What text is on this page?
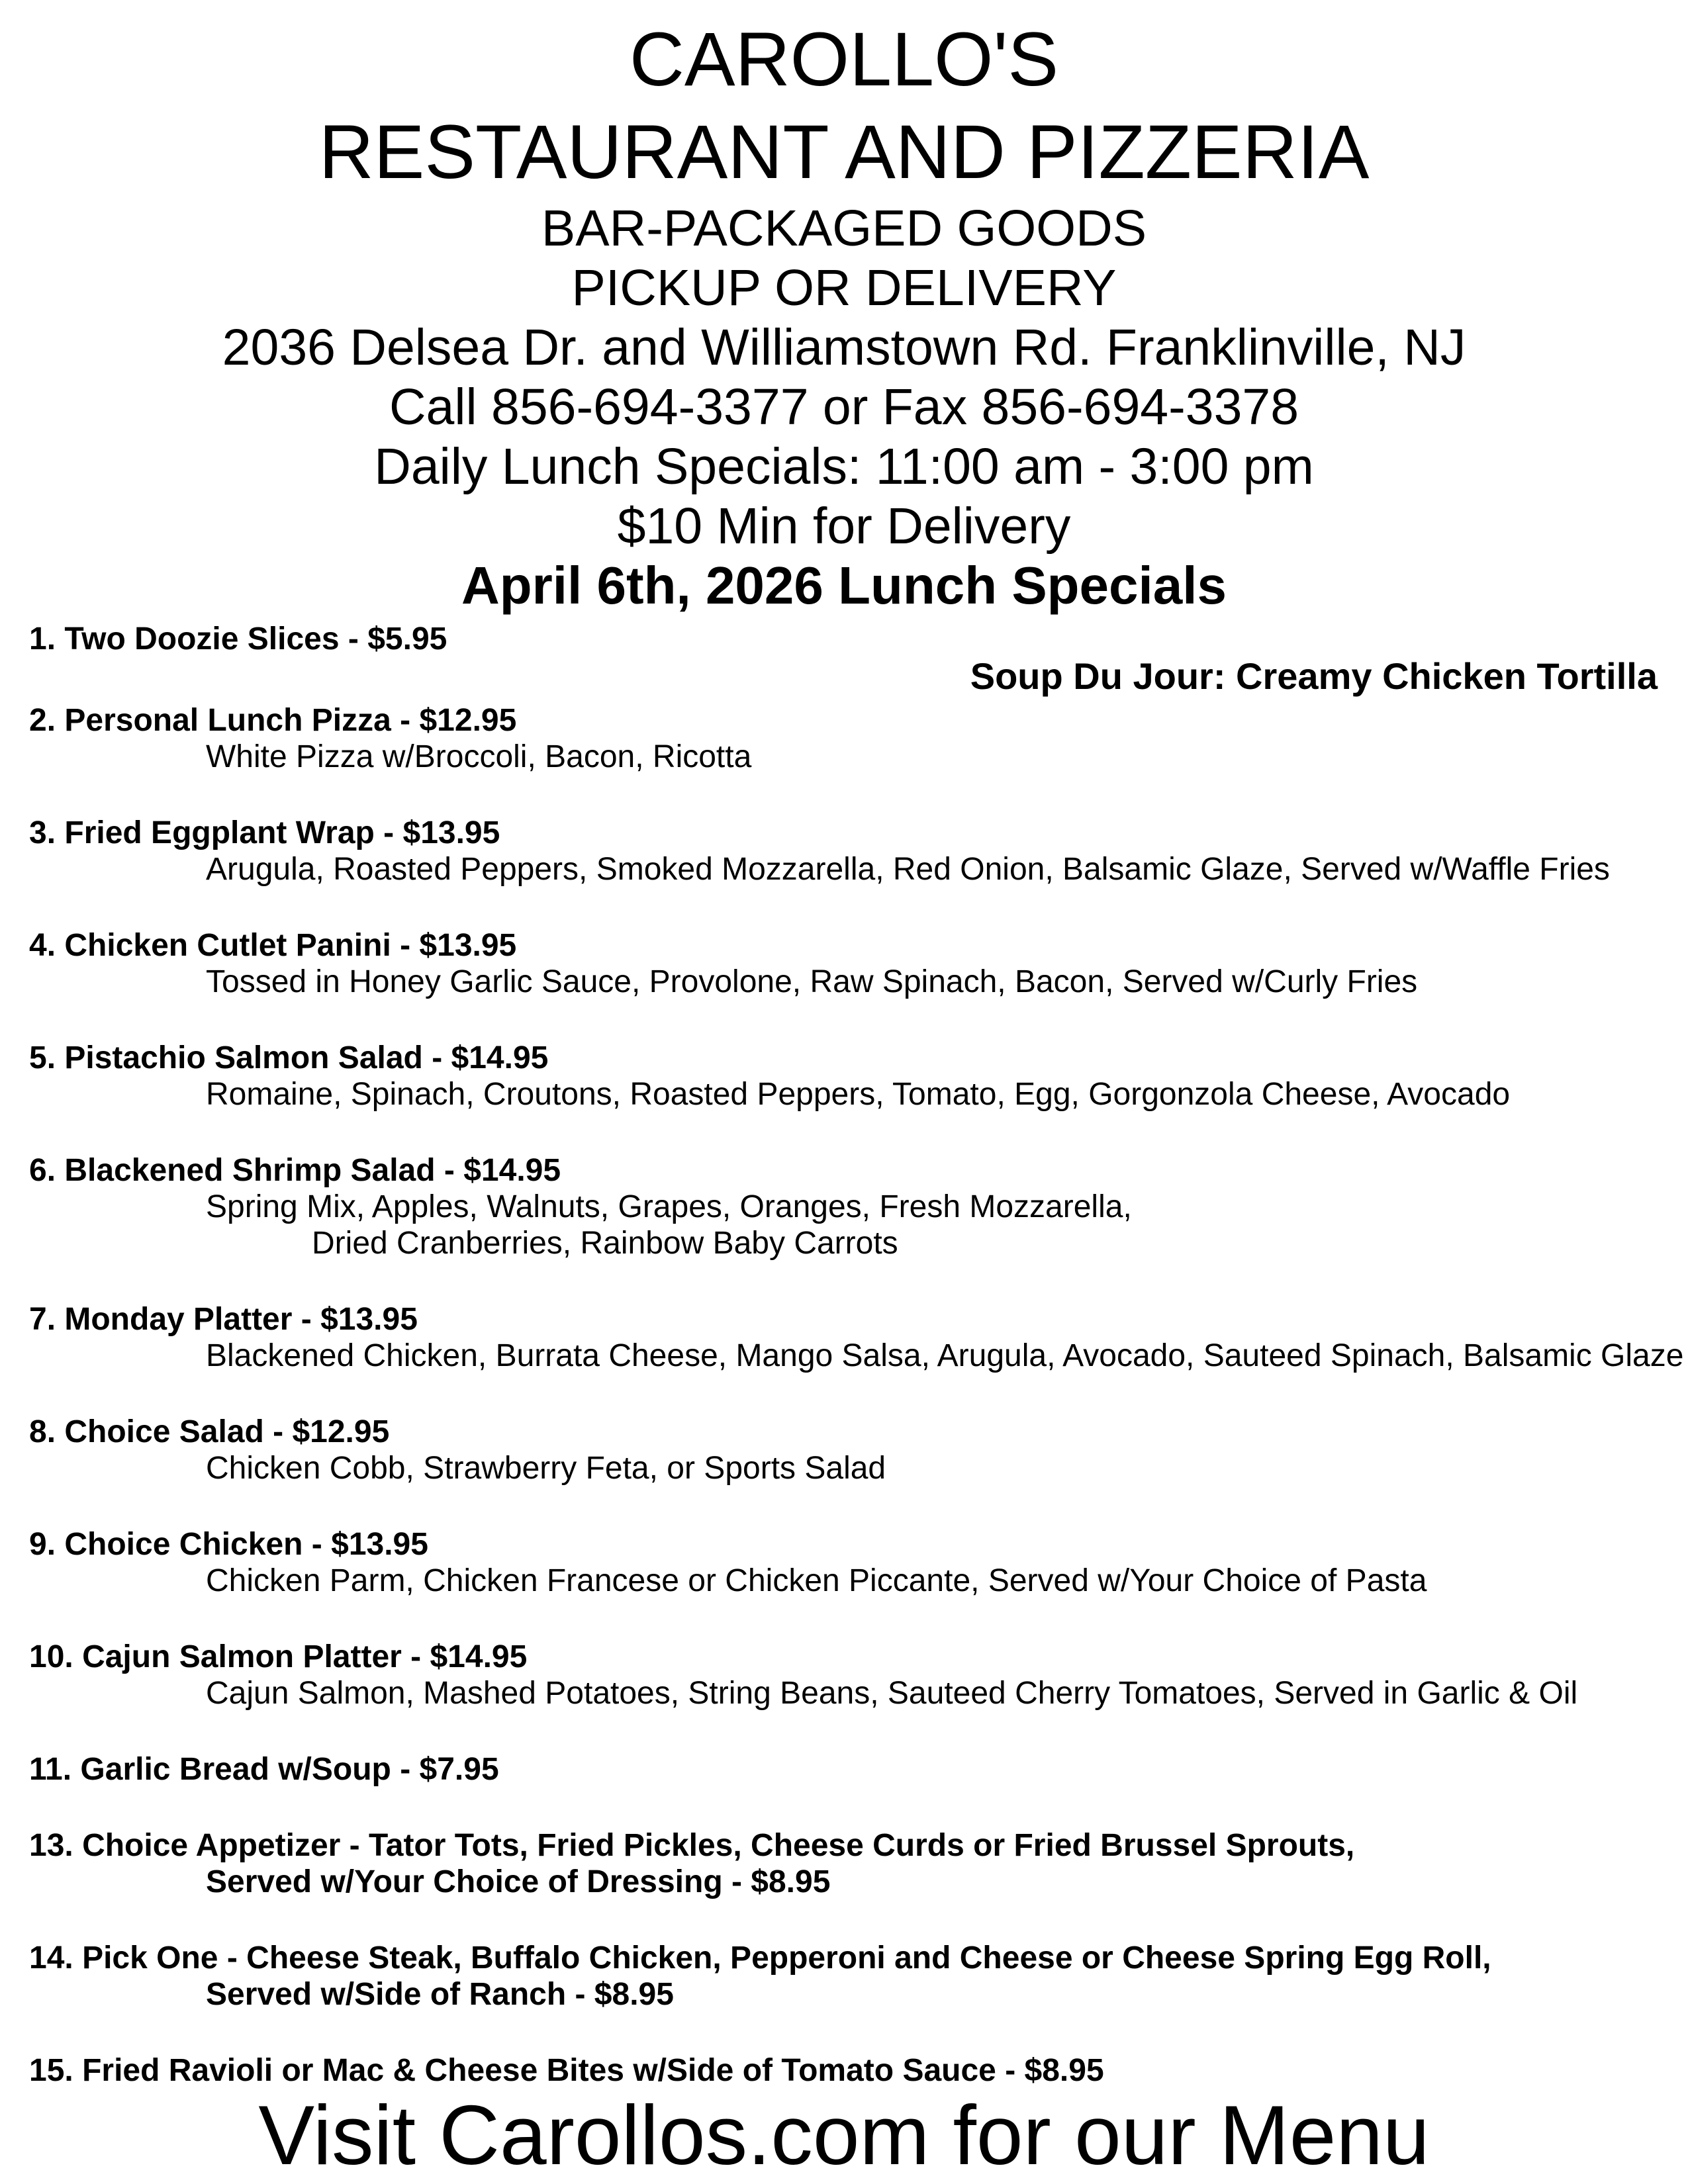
CAROLLO'S
RESTAURANT AND PIZZERIA
BAR-PACKAGED GOODS
PICKUP OR DELIVERY
2036 Delsea Dr. and Williamstown Rd. Franklinville, NJ
Call 856-694-3377 or Fax 856-694-3378
Daily Lunch Specials: 11:00 am - 3:00 pm
$10 Min for Delivery
April 6th, 2026 Lunch Specials
1. Two Doozie Slices - $5.95
Soup Du Jour: Creamy Chicken Tortilla
2. Personal Lunch Pizza - $12.95
White Pizza w/Broccoli, Bacon, Ricotta
3. Fried Eggplant Wrap - $13.95
Arugula, Roasted Peppers, Smoked Mozzarella, Red Onion, Balsamic Glaze, Served w/Waffle Fries
4. Chicken Cutlet Panini - $13.95
Tossed in Honey Garlic Sauce, Provolone, Raw Spinach, Bacon, Served w/Curly Fries
5. Pistachio Salmon Salad - $14.95
Romaine, Spinach, Croutons, Roasted Peppers, Tomato, Egg, Gorgonzola Cheese, Avocado
6. Blackened Shrimp Salad - $14.95
Spring Mix, Apples, Walnuts, Grapes, Oranges, Fresh Mozzarella,
Dried Cranberries, Rainbow Baby Carrots
7. Monday Platter - $13.95
Blackened Chicken, Burrata Cheese, Mango Salsa, Arugula, Avocado, Sauteed Spinach, Balsamic Glaze
8. Choice Salad - $12.95
Chicken Cobb, Strawberry Feta, or Sports Salad
9. Choice Chicken - $13.95
Chicken Parm, Chicken Francese or Chicken Piccante, Served w/Your Choice of Pasta
10. Cajun Salmon Platter - $14.95
Cajun Salmon, Mashed Potatoes, String Beans, Sauteed Cherry Tomatoes, Served in Garlic & Oil
11. Garlic Bread w/Soup - $7.95
13. Choice Appetizer - Tator Tots, Fried Pickles, Cheese Curds or Fried Brussel Sprouts,
Served w/Your Choice of Dressing - $8.95
14. Pick One - Cheese Steak, Buffalo Chicken, Pepperoni and Cheese or Cheese Spring Egg Roll,
Served w/Side of Ranch - $8.95
15. Fried Ravioli or Mac & Cheese Bites w/Side of Tomato Sauce - $8.95
Visit Carollos.com for our Menu
